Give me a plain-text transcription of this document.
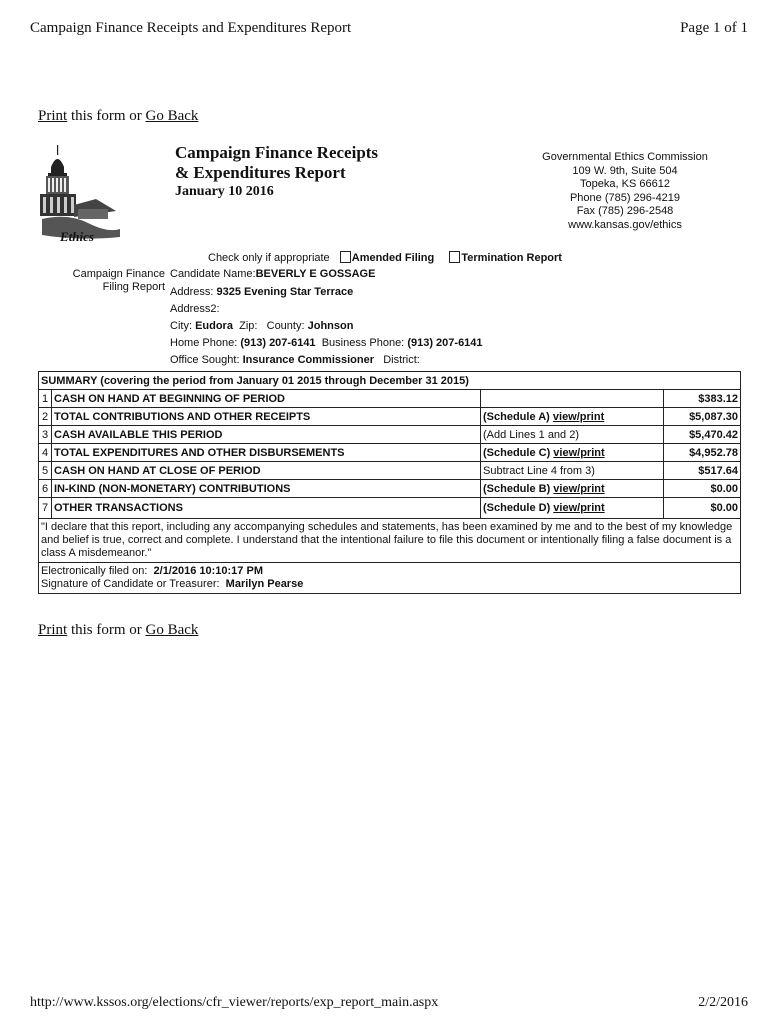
Campaign Finance Receipts and Expenditures Report	Page 1 of 1
Print this form or Go Back
Ethics
Campaign Finance Receipts
& Expenditures Report
January 10 2016
Governmental Ethics Commission
109 W. 9th, Suite 504
Topeka, KS 66612
Phone (785) 296-4219
Fax (785) 296-2548
www.kansas.gov/ethics
Check only if appropriate Amended Filing Termination Report
Campaign Finance
Filing Report
Candidate Name:BEVERLY E GOSSAGE
Address: 9325 Evening Star Terrace
Address2:
City: Eudora Zip: County: Johnson
Home Phone: (913) 207-6141 Business Phone: (913) 207-6141
Office Sought: Insurance Commissioner District:
SUMMARY (covering the period from January 01 2015 through December 31 2015)			
1	CASH ON HAND AT BEGINNING OF PERIOD		$383.12
2	TOTAL CONTRIBUTIONS AND OTHER RECEIPTS	(Schedule A) view/print	$5,087.30
3	CASH AVAILABLE THIS PERIOD	(Add Lines 1 and 2)	$5,470.42
4	TOTAL EXPENDITURES AND OTHER DISBURSEMENTS	(Schedule C) view/print	$4,952.78
5	CASH ON HAND AT CLOSE OF PERIOD	Subtract Line 4 from 3)	$517.64
6	IN-KIND (NON-MONETARY) CONTRIBUTIONS	(Schedule B) view/print	$0.00
7	OTHER TRANSACTIONS	(Schedule D) view/print	$0.00
"I declare that this report, including any accompanying schedules and statements, has been examined by me and to the best of my knowledge and belief is true, correct and complete. I understand that the intentional failure to file this document or intentionally filing a false document is a class A misdemeanor."			

Electronically filed on: 2/1/2016 10:10:17 PM
Signature of Candidate or Treasurer: Marilyn Pearse			
Print this form or Go Back
http://www.kssos.org/elections/cfr_viewer/reports/exp_report_main.aspx	2/2/2016
